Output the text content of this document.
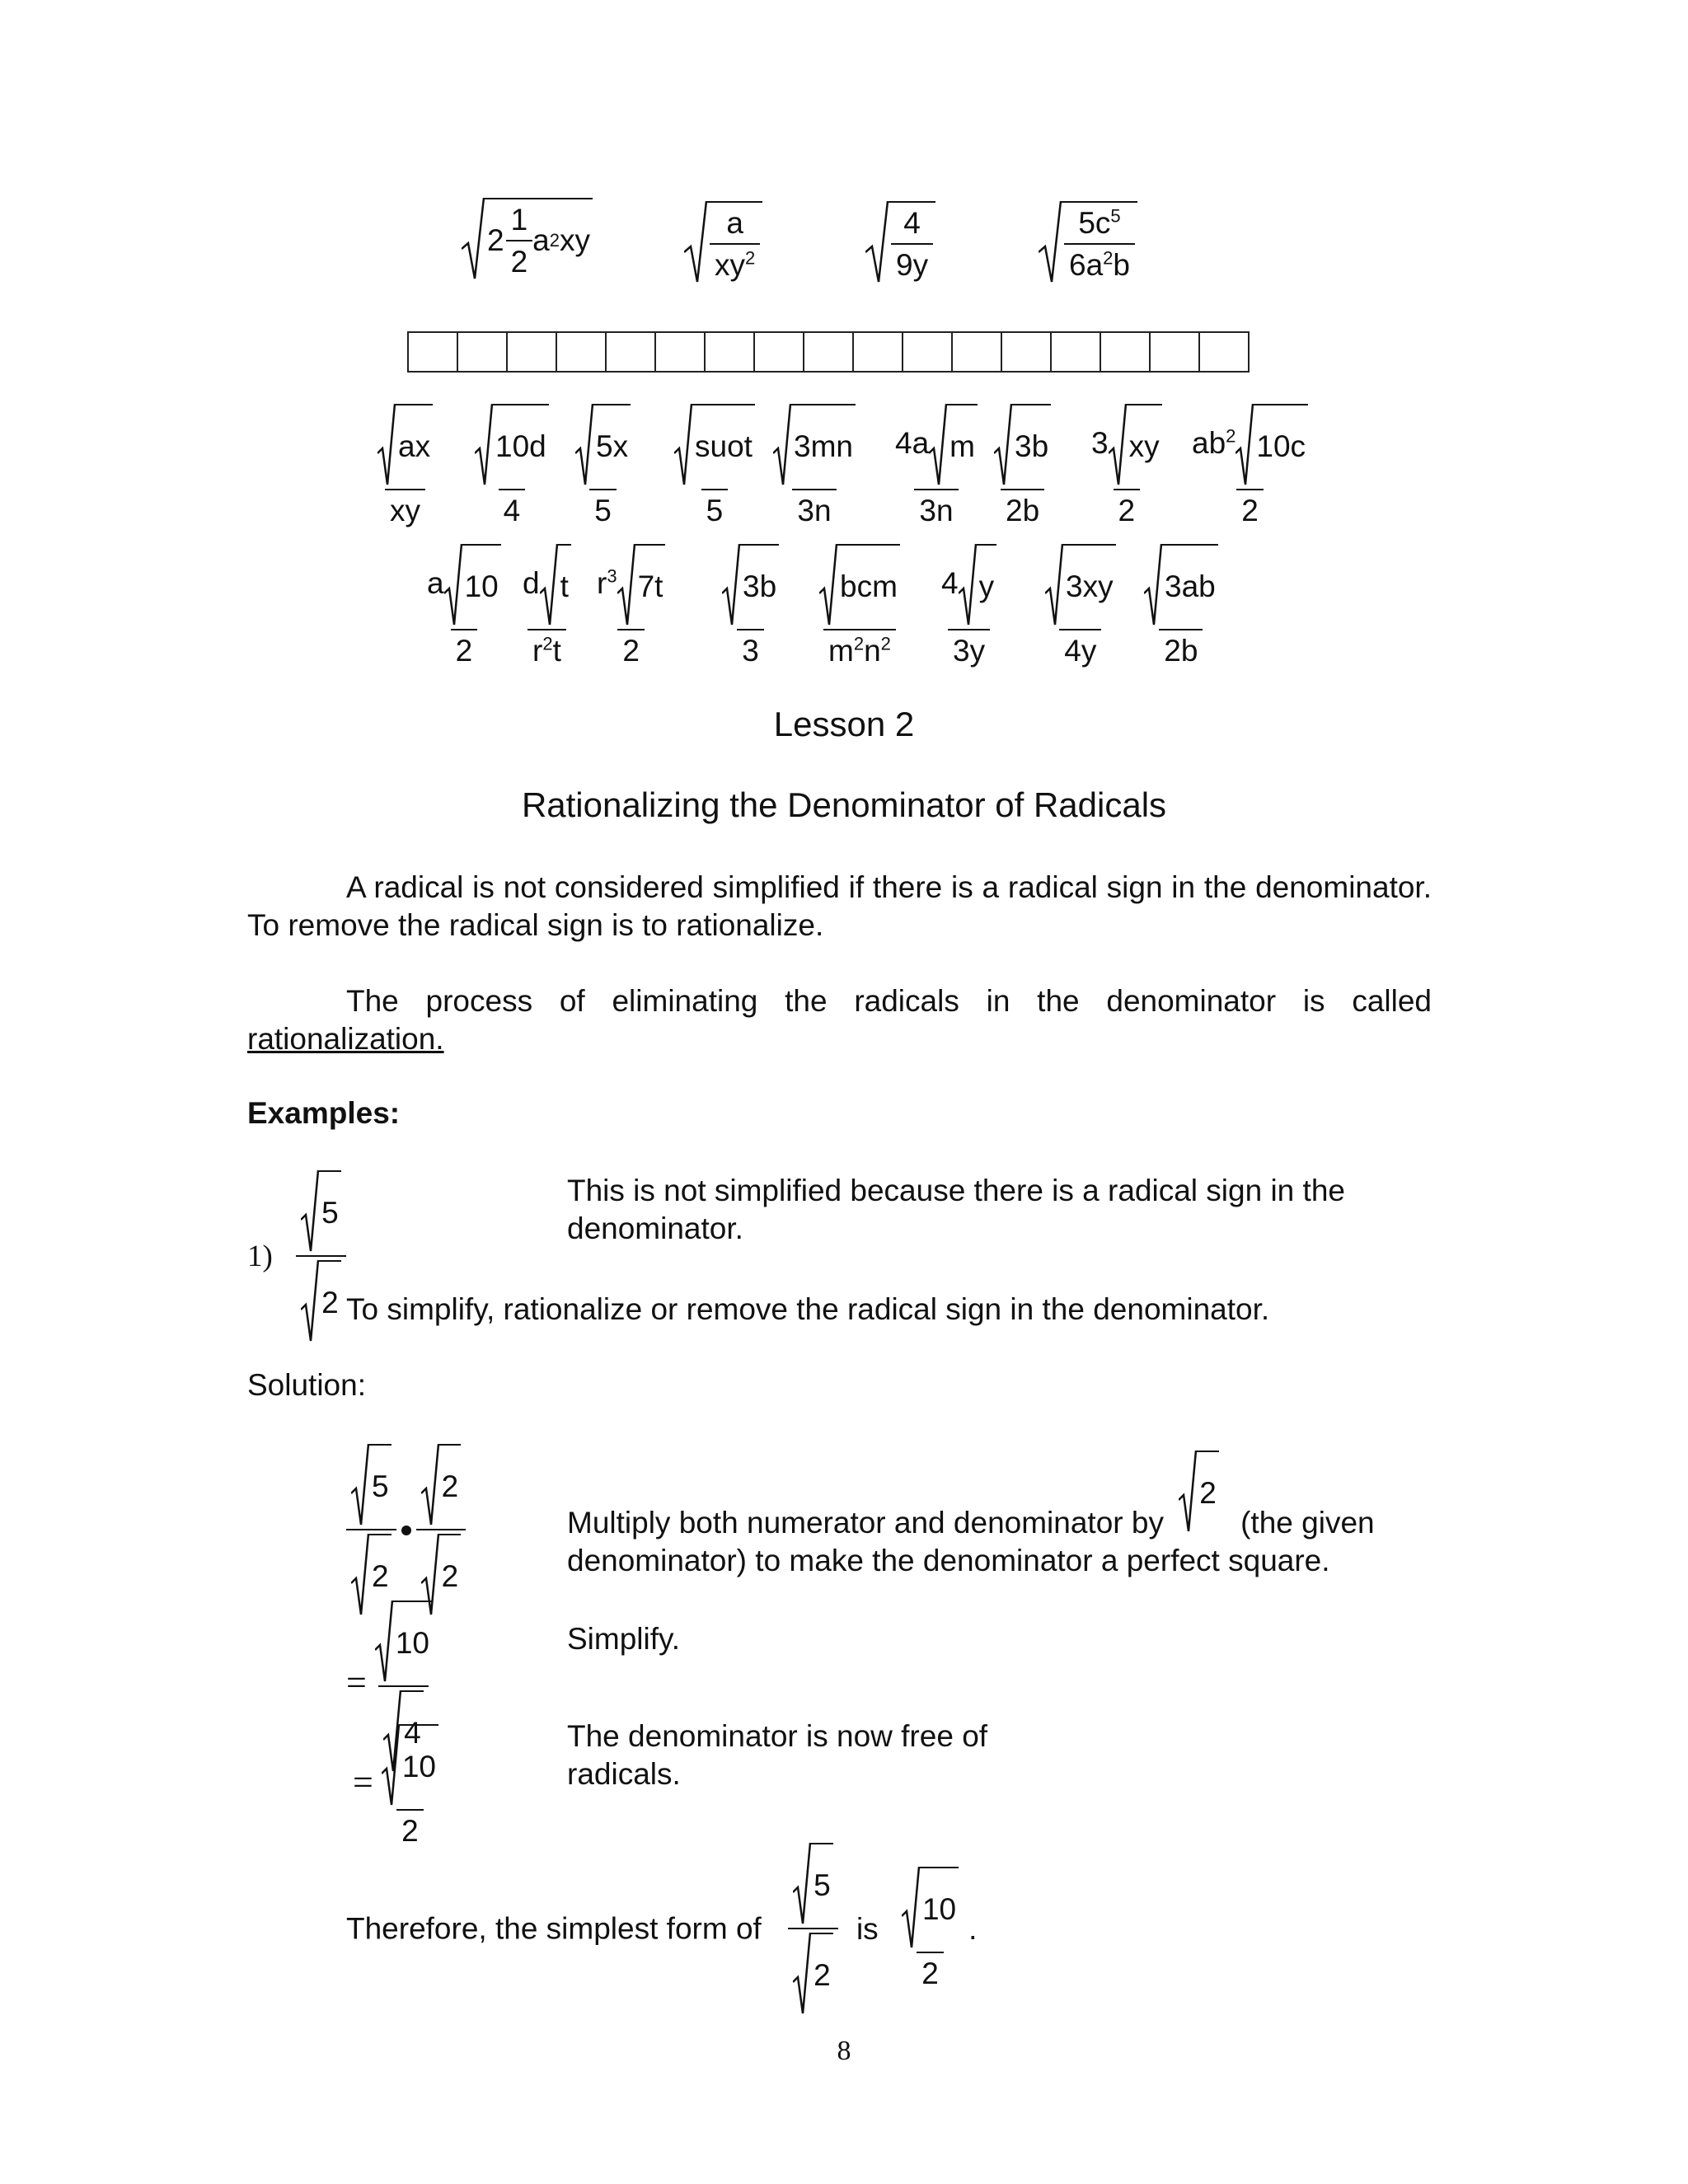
$2 \frac{1}{2}$ a 2 xy	$\frac{a}{xy^2}$	$\frac{4}{9y}$	$\frac{5c^5}{6a^2b}$
$\frac{ax}{xy} \frac{10d}{4} \frac{5x}{5} \frac{\text{suot}}{5} \frac{3mn}{3n} \frac{\text{4a m}}{3n} \frac{3b}{2b} \frac{3 xy}{2} \frac{ab^2 10c}{2}$
$\frac{a 10}{2} \frac{\text{d t}}{r^2t} \frac{r^3 7t}{2} \frac{3b}{3} \frac{\text{bcm}}{m^2n^2} \frac{4 y}{3y} \frac{3xy}{4y} \frac{3ab}{2b}$
Lesson 2
Rationalizing the Denominator of Radicals
A radical is not considered simplified if there is a radical sign in the denominator. To remove the radical sign is to rationalize.
The process of eliminating the radicals in the denominator is called rationalization.
Examples:
$1) \frac{5}{2}$	This is not simplified because there is a radical sign in the denominator.
To simplify, rationalize or remove the radical sign in the denominator.
Solution:
$\frac{5}{2} \frac{2}{2}$	Multiply both numerator and denominator by
2
(the given denominator) to make the denominator a perfect square.
= $\frac{10}{4}$	Simplify.
= $\frac{10}{2}$	The denominator is now free of radicals.
Therefore, the simplest form of $\frac{5}{2}$ is $\frac{10}{2}$ .
8
